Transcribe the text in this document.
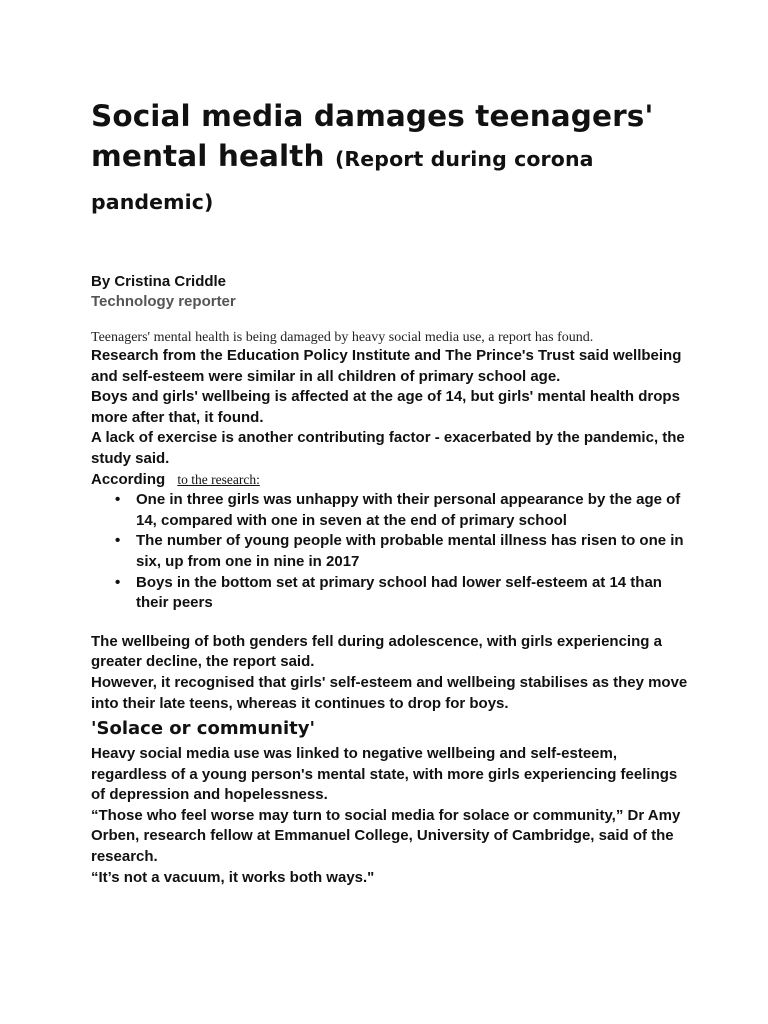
Social media damages teenagers' mental health (Report during corona pandemic)
By Cristina Criddle
Technology reporter
Teenagers' mental health is being damaged by heavy social media use, a report has found.

Research from the Education Policy Institute and The Prince's Trust said wellbeing and self-esteem were similar in all children of primary school age.

Boys and girls' wellbeing is affected at the age of 14, but girls' mental health drops more after that, it found.

A lack of exercise is another contributing factor - exacerbated by the pandemic, the study said.

According to the research:
• One in three girls was unhappy with their personal appearance by the age of 14, compared with one in seven at the end of primary school
• The number of young people with probable mental illness has risen to one in six, up from one in nine in 2017
• Boys in the bottom set at primary school had lower self-esteem at 14 than their peers

The wellbeing of both genders fell during adolescence, with girls experiencing a greater decline, the report said.

However, it recognised that girls' self-esteem and wellbeing stabilises as they move into their late teens, whereas it continues to drop for boys.

'Solace or community'

Heavy social media use was linked to negative wellbeing and self-esteem, regardless of a young person's mental state, with more girls experiencing feelings of depression and hopelessness.

“Those who feel worse may turn to social media for solace or community,” Dr Amy Orben, research fellow at Emmanuel College, University of Cambridge, said of the research.

“It’s not a vacuum, it works both ways."
